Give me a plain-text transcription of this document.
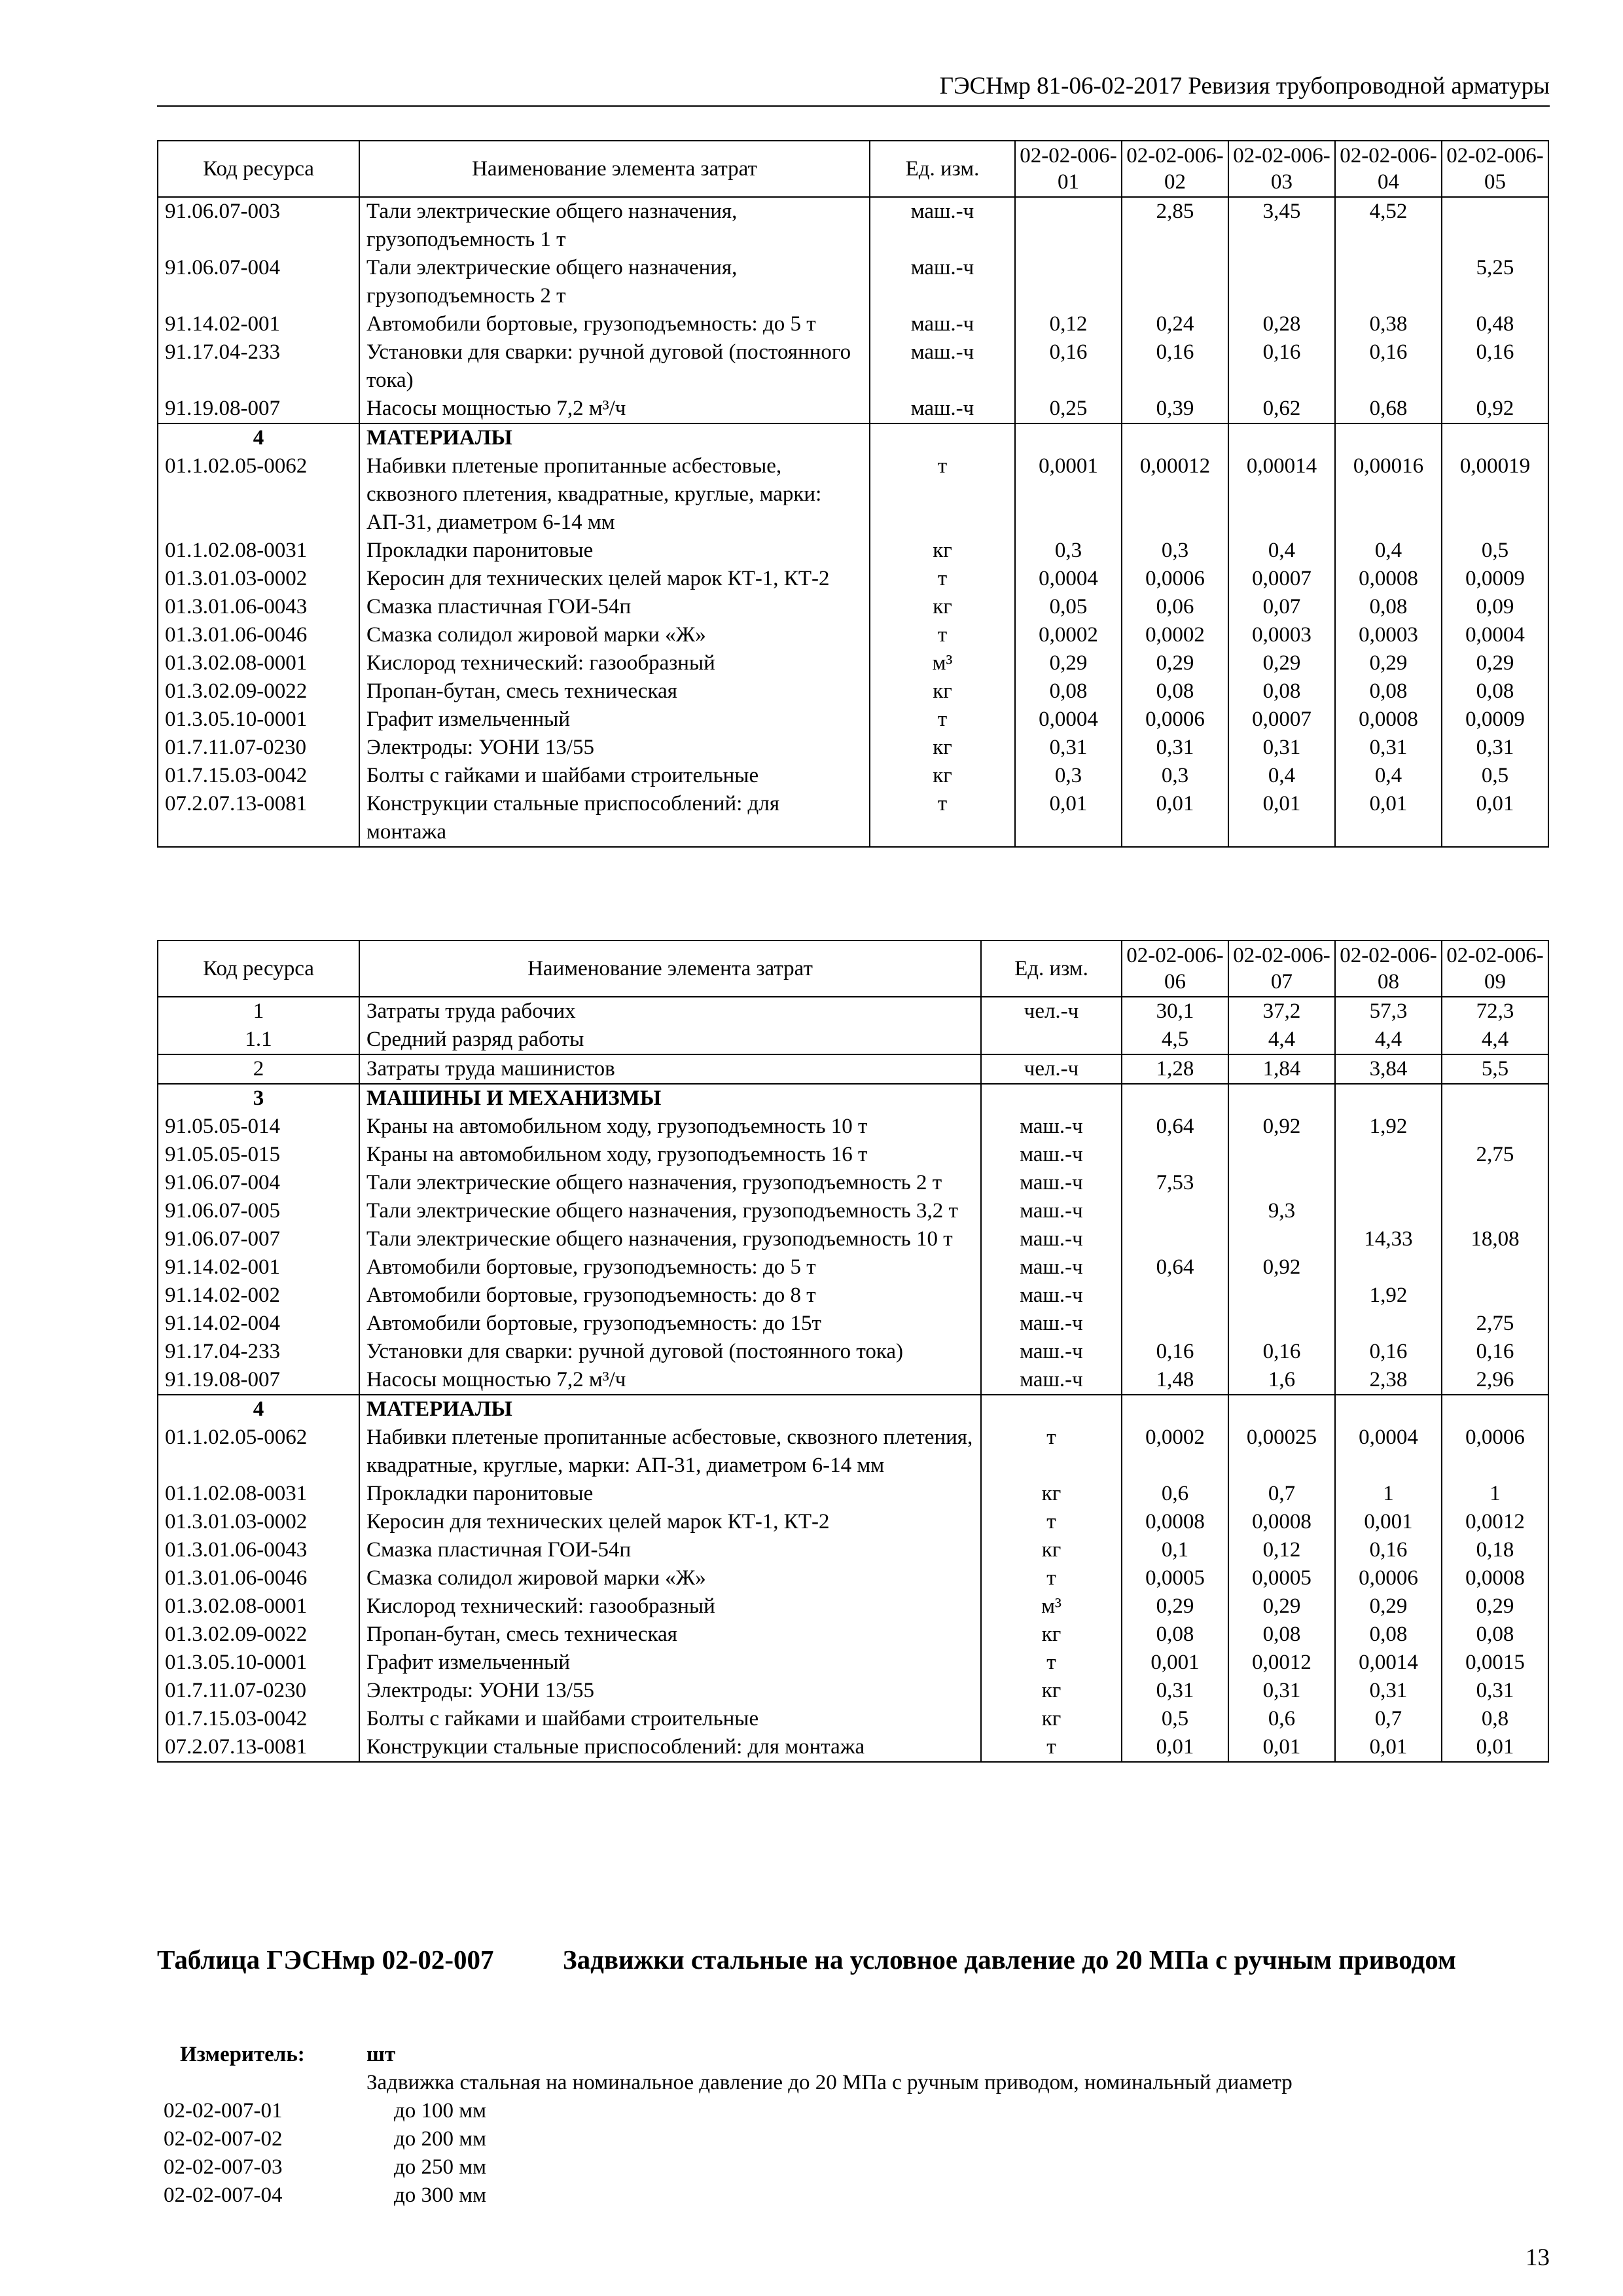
ГЭСНмр 81-06-02-2017 Ревизия трубопроводной арматуры
Код ресурса	Наименование элемента затрат	Ед. изм.	02-02-006-01	02-02-006-02	02-02-006-03	02-02-006-04	02-02-006-05
91.06.07-003	Тали электрические общего назначения, грузоподъемность 1 т	маш.-ч		2,85	3,45	4,52	
91.06.07-004	Тали электрические общего назначения, грузоподъемность 2 т	маш.-ч					5,25
91.14.02-001	Автомобили бортовые, грузоподъемность: до 5 т	маш.-ч	0,12	0,24	0,28	0,38	0,48
91.17.04-233	Установки для сварки: ручной дуговой (постоянного тока)	маш.-ч	0,16	0,16	0,16	0,16	0,16
91.19.08-007	Насосы мощностью 7,2 м³/ч	маш.-ч	0,25	0,39	0,62	0,68	0,92
4	МАТЕРИАЛЫ						
01.1.02.05-0062	Набивки плетеные пропитанные асбестовые, сквозного плетения, квадратные, круглые, марки: АП-31, диаметром 6-14 мм	т	0,0001	0,00012	0,00014	0,00016	0,00019
01.1.02.08-0031	Прокладки паронитовые	кг	0,3	0,3	0,4	0,4	0,5
01.3.01.03-0002	Керосин для технических целей марок КТ-1, КТ-2	т	0,0004	0,0006	0,0007	0,0008	0,0009
01.3.01.06-0043	Смазка пластичная ГОИ-54п	кг	0,05	0,06	0,07	0,08	0,09
01.3.01.06-0046	Смазка солидол жировой марки «Ж»	т	0,0002	0,0002	0,0003	0,0003	0,0004
01.3.02.08-0001	Кислород технический: газообразный	м³	0,29	0,29	0,29	0,29	0,29
01.3.02.09-0022	Пропан-бутан, смесь техническая	кг	0,08	0,08	0,08	0,08	0,08
01.3.05.10-0001	Графит измельченный	т	0,0004	0,0006	0,0007	0,0008	0,0009
01.7.11.07-0230	Электроды: УОНИ 13/55	кг	0,31	0,31	0,31	0,31	0,31
01.7.15.03-0042	Болты с гайками и шайбами строительные	кг	0,3	0,3	0,4	0,4	0,5
07.2.07.13-0081	Конструкции стальные приспособлений: для монтажа	т	0,01	0,01	0,01	0,01	0,01
Код ресурса	Наименование элемента затрат	Ед. изм.	02-02-006-06	02-02-006-07	02-02-006-08	02-02-006-09
1	Затраты труда рабочих	чел.-ч	30,1	37,2	57,3	72,3
1.1	Средний разряд работы		4,5	4,4	4,4	4,4
2	Затраты труда машинистов	чел.-ч	1,28	1,84	3,84	5,5
3	МАШИНЫ И МЕХАНИЗМЫ					
91.05.05-014	Краны на автомобильном ходу, грузоподъемность 10 т	маш.-ч	0,64	0,92	1,92	
91.05.05-015	Краны на автомобильном ходу, грузоподъемность 16 т	маш.-ч				2,75
91.06.07-004	Тали электрические общего назначения, грузоподъемность 2 т	маш.-ч	7,53			
91.06.07-005	Тали электрические общего назначения, грузоподъемность 3,2 т	маш.-ч		9,3		
91.06.07-007	Тали электрические общего назначения, грузоподъемность 10 т	маш.-ч			14,33	18,08
91.14.02-001	Автомобили бортовые, грузоподъемность: до 5 т	маш.-ч	0,64	0,92		
91.14.02-002	Автомобили бортовые, грузоподъемность: до 8 т	маш.-ч			1,92	
91.14.02-004	Автомобили бортовые, грузоподъемность: до 15т	маш.-ч				2,75
91.17.04-233	Установки для сварки: ручной дуговой (постоянного тока)	маш.-ч	0,16	0,16	0,16	0,16
91.19.08-007	Насосы мощностью 7,2 м³/ч	маш.-ч	1,48	1,6	2,38	2,96
4	МАТЕРИАЛЫ					
01.1.02.05-0062	Набивки плетеные пропитанные асбестовые, сквозного плетения, квадратные, круглые, марки: АП-31, диаметром 6-14 мм	т	0,0002	0,00025	0,0004	0,0006
01.1.02.08-0031	Прокладки паронитовые	кг	0,6	0,7	1	1
01.3.01.03-0002	Керосин для технических целей марок КТ-1, КТ-2	т	0,0008	0,0008	0,001	0,0012
01.3.01.06-0043	Смазка пластичная ГОИ-54п	кг	0,1	0,12	0,16	0,18
01.3.01.06-0046	Смазка солидол жировой марки «Ж»	т	0,0005	0,0005	0,0006	0,0008
01.3.02.08-0001	Кислород технический: газообразный	м³	0,29	0,29	0,29	0,29
01.3.02.09-0022	Пропан-бутан, смесь техническая	кг	0,08	0,08	0,08	0,08
01.3.05.10-0001	Графит измельченный	т	0,001	0,0012	0,0014	0,0015
01.7.11.07-0230	Электроды: УОНИ 13/55	кг	0,31	0,31	0,31	0,31
01.7.15.03-0042	Болты с гайками и шайбами строительные	кг	0,5	0,6	0,7	0,8
07.2.07.13-0081	Конструкции стальные приспособлений: для монтажа	т	0,01	0,01	0,01	0,01
Таблица ГЭСНмр 02-02-007	Задвижки стальные на условное давление до 20 МПа с ручным приводом
Измеритель:	шт
Задвижка стальная на номинальное давление до 20 МПа с ручным приводом, номинальный диаметр
02-02-007-01	до 100 мм
02-02-007-02	до 200 мм
02-02-007-03	до 250 мм
02-02-007-04	до 300 мм
13
